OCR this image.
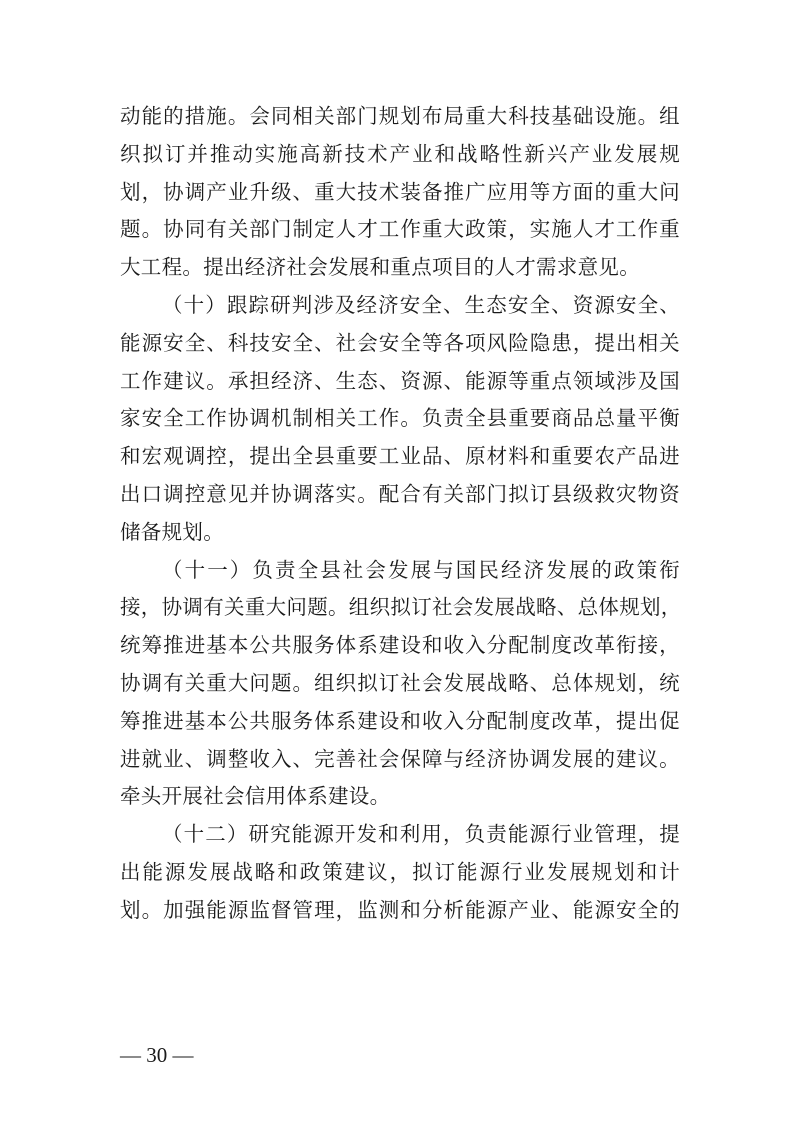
动能的措施。会同相关部门规划布局重大科技基础设施。组
织拟订并推动实施高新技术产业和战略性新兴产业发展规
划，协调产业升级、重大技术装备推广应用等方面的重大问
题。协同有关部门制定人才工作重大政策，实施人才工作重
大工程。提出经济社会发展和重点项目的人才需求意见。
（十）跟踪研判涉及经济安全、生态安全、资源安全、
能源安全、科技安全、社会安全等各项风险隐患，提出相关
工作建议。承担经济、生态、资源、能源等重点领域涉及国
家安全工作协调机制相关工作。负责全县重要商品总量平衡
和宏观调控，提出全县重要工业品、原材料和重要农产品进
出口调控意见并协调落实。配合有关部门拟订县级救灾物资
储备规划。
（十一）负责全县社会发展与国民经济发展的政策衔
接，协调有关重大问题。组织拟订社会发展战略、总体规划，
统筹推进基本公共服务体系建设和收入分配制度改革衔接，
协调有关重大问题。组织拟订社会发展战略、总体规划，统
筹推进基本公共服务体系建设和收入分配制度改革，提出促
进就业、调整收入、完善社会保障与经济协调发展的建议。
牵头开展社会信用体系建设。
（十二）研究能源开发和利用，负责能源行业管理，提
出能源发展战略和政策建议，拟订能源行业发展规划和计
划。加强能源监督管理，监测和分析能源产业、能源安全的
— 30 —
